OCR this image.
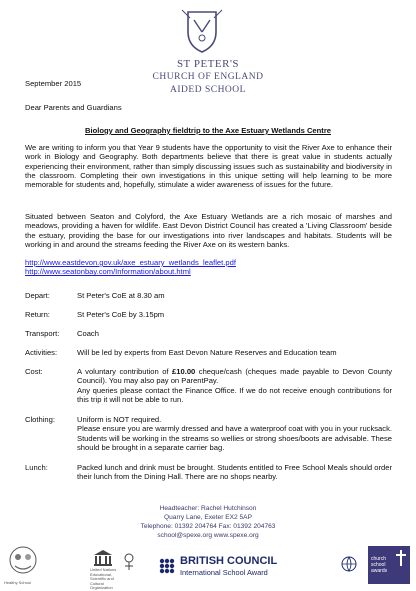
ST PETER'S
CHURCH OF ENGLAND
AIDED SCHOOL
September 2015
Dear Parents and Guardians
Biology and Geography fieldtrip to the Axe Estuary Wetlands Centre
We are writing to inform you that Year 9 students have the opportunity to visit the River Axe to enhance their work in Biology and Geography. Both departments believe that there is great value in students actually experiencing their environment, rather than simply discussing issues such as sustainability and biodiversity in the classroom. Completing their own investigations in this unique setting will help learning to be more memorable for students and, hopefully, stimulate a wider awareness of issues for the future.
Situated between Seaton and Colyford, the Axe Estuary Wetlands are a rich mosaic of marshes and meadows, providing a haven for wildlife. East Devon District Council has created a 'Living Classroom' beside the estuary, providing the base for our investigations into river landscapes and habitats. Students will be working in and around the streams feeding the River Axe on its western banks.
http://www.eastdevon.gov.uk/axe_estuary_wetlands_leaflet.pdf
http://www.seatonbay.com/Information/about.html
Depart:	St Peter's CoE at 8.30 am
Return:	St Peter's CoE by 3.15pm
Transport: Coach
Activities:	Will be led by experts from East Devon Nature Reserves and Education team
Cost:	A voluntary contribution of £10.00 cheque/cash (cheques made payable to Devon County Council). You may also pay on ParentPay.
Any queries please contact the Finance Office. If we do not receive enough contributions for this trip it will not be able to run.
Clothing:	Uniform is NOT required.
Please ensure you are warmly dressed and have a waterproof coat with you in your rucksack. Students will be working in the streams so wellies or strong shoes/boots are advisable. These should be brought in a separate carrier bag.
Lunch:	Packed lunch and drink must be brought. Students entitled to Free School Meals should order their lunch from the Dining Hall. There are no shops nearby.
Headteacher: Rachel Hutchinson
Quarry Lane, Exeter EX2 5AP
Telephone: 01392 204764 Fax: 01392 204763
school@spexe.org www.spexe.org
Healthy School
United Nations Educational, Scientific and Cultural Organization
BRITISH COUNCIL
International School Award
church school awards
